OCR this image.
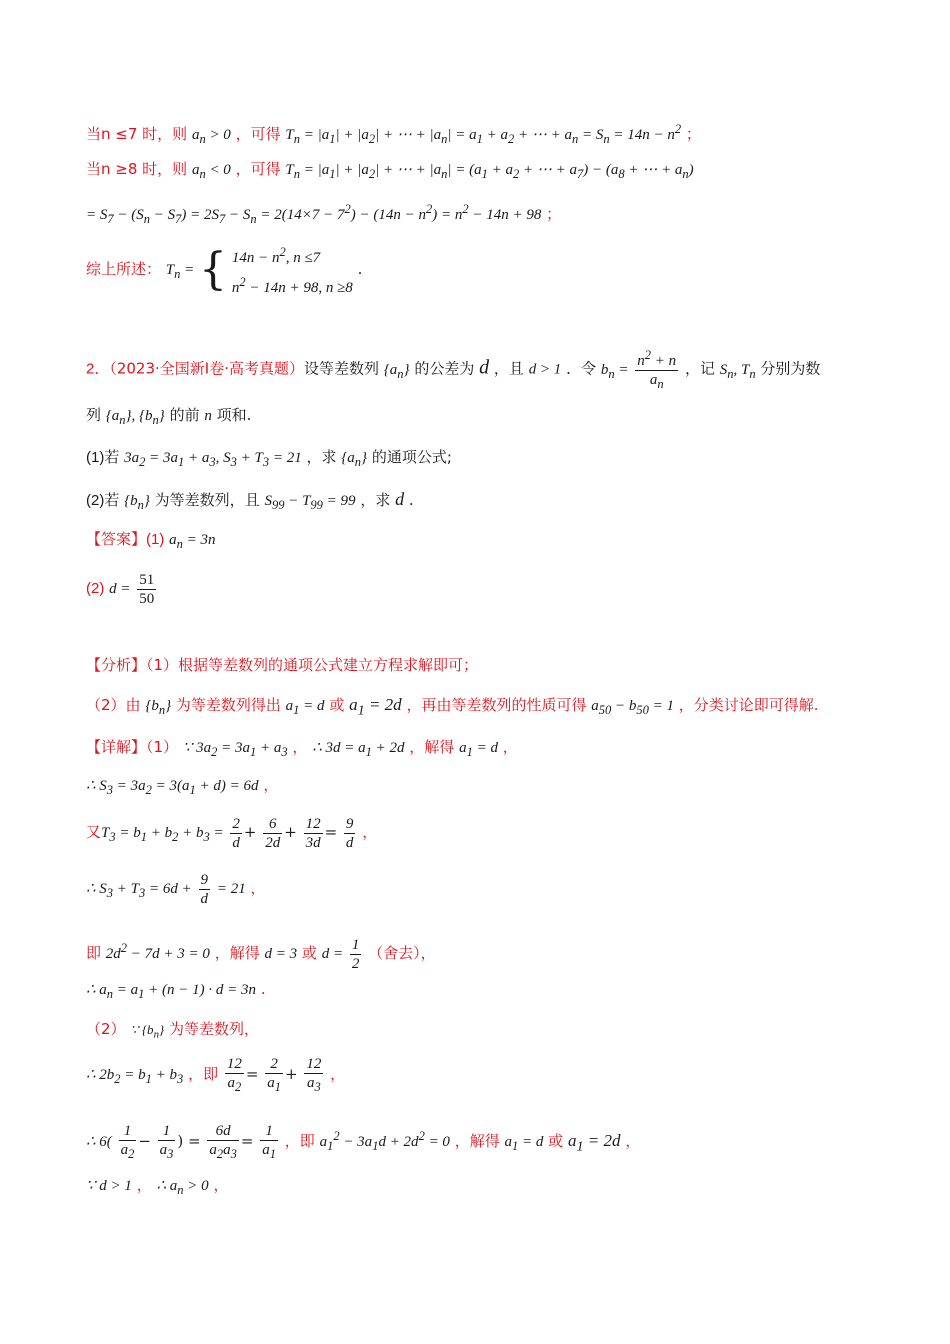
当n ≤7 时，则 $a_n > 0$ ，可得 $T_n = |a_1| + |a_2|$ + ⋯ + $|a_n| = a_1 + a_2$ + ⋯ + $a_n = S_n = 14n - n^2$ ；
当n ≥8 时，则 $a_n < 0$ ，可得 $T_n = |a_1| + |a_2|$ + ⋯ + $|a_n| = (a_1 + a_2$ + ⋯ + $a_7) - (a_8$ + ⋯ + $a_n$)
= $S_7 - (S_n - S_7) = 2S_7 - S_n = 2(14\times 7 - 7^2) - (14n - n^2) = n^2 - 14n + 98$ ；
综上所述： $T_n$ = { $14n - n^2$, n ≤7
$n^2 - 14n + 98$, n ≥8
.
2．（2023·全国新Ⅰ卷·高考真题）设等差数列 $\{a_n\}$ 的公差为 d ，且 d > 1 ．令 $b_n = \frac{n^2 + n}{a_n}$ ，记 $S_n$, $T_n$ 分别为数
列 $\{a_n\}$, $\{b_n\}$ 的前 n 项和.
(1)若 $3a_2 = 3a_1 + a_3$, $S_3 + T_3 = 21$ ，求 $\{a_n\}$ 的通项公式;
(2)若 $\{b_n\}$ 为等差数列，且 $S_{99} - T_{99} = 99$ ，求 d .
【答案】(1) $a_n = 3n$
(2) $d = \frac{51}{50}$
【分析】（1）根据等差数列的通项公式建立方程求解即可；
（2）由 $\{b_n\}$ 为等差数列得出 $a_1 = d$ 或 $a_1 = 2d$ ，再由等差数列的性质可得 $a_{50} - b_{50} = 1$ ，分类讨论即可得解.
【详解】（1） ∵ $3a_2 = 3a_1 + a_3$ ， ∴ $3d = a_1 + 2d$ ，解得 $a_1 = d$ ，
∴ $S_3 = 3a_2 = 3(a_1 + d) = 6d$ ，
又$T_3 = b_1 + b_2 + b_3 = \frac{2}{d} + \frac{6}{2d} + \frac{12}{3d} = \frac{9}{d}$ ，
∴ $S_3 + T_3 = 6d + \frac{9}{d} = 21$ ，
即 $2d^2 - 7d + 3 = 0$ ，解得 d = 3 或 $d = \frac{1}{2}$ （舍去），
∴ $a_n = a_1 + (n - 1) \cdot d = 3n$ .
（2） ∵ $\{b_n\}$ 为等差数列，
∴ $2b_2 = b_1 + b_3$ ，即 $\frac{12}{a_2} = \frac{2}{a_1} + \frac{12}{a_3}$ ，
∴ $6( \frac{1}{a_2} - \frac{1}{a_3}$ ) = $\frac{6d}{a_2a_3} = \frac{1}{a_1}$ ，即 $a_1^2 - 3a_1d + 2d^2 = 0$ ，解得 $a_1 = d$ 或 $a_1 = 2d$ ，
∵ d > 1 ， ∴ $a_n > 0$ ，
